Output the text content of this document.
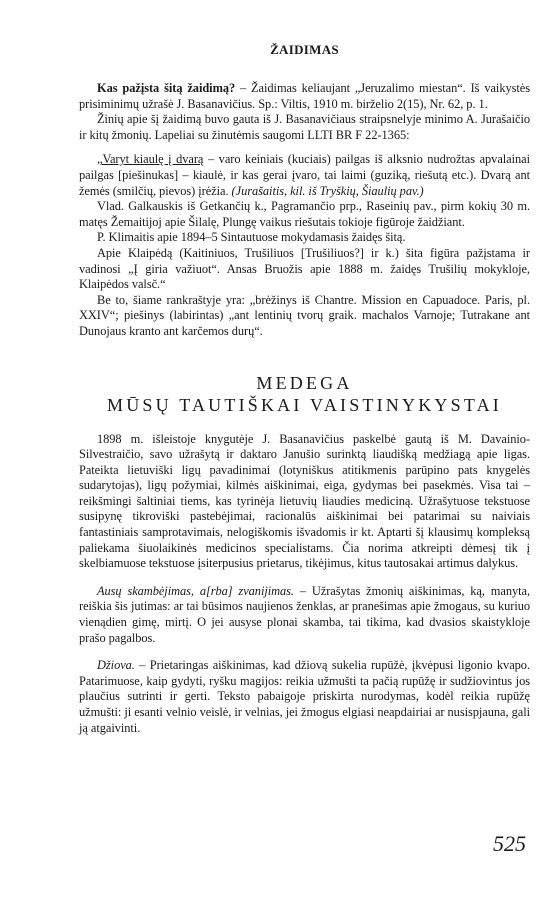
ŽAIDIMAS

Kas pažįsta šitą žaidimą? – Žaidimas keliaujant „Jeruzalimo miestan“. Iš vaikystės prisiminimų užrašė J. Basanavičius. Sp.: Viltis, 1910 m. birželio 2(15), Nr. 62, p. 1.

Žinių apie šį žaidimą buvo gauta iš J. Basanavičiaus straipsnelyje minimo A. Jurašaičio ir kitų žmonių. Lapeliai su žinutėmis saugomi LLTI BR F 22-1365:

„Varyt kiaulę į dvarą – varo keiniais (kuciais) pailgas iš alksnio nudrožtas apvalainai pailgas [piešinukas] – kiaulė, ir kas gerai įvaro, tai laimi (guziką, riešutą etc.). Dvarą ant žemės (smilčių, pievos) įrėžia. (Jurašaitis, kil. iš Tryškių, Šiaulių pav.)

Vlad. Galkauskis iš Getkančių k., Pagramančio prp., Raseinių pav., pirm kokių 30 m. matęs Žemaitijoj apie Šilalę, Plungę vaikus riešutais tokioje figūroje žaidžiant.

P. Klimaitis apie 1894–5 Sintautuose mokydamasis žaidęs šitą.

Apie Klaipėdą (Kaitiniuos, Trušiliuos [Trušiliuos?] ir k.) šita figūra pažįstama ir vadinosi „Į giria važiuot“. Ansas Bruožis apie 1888 m. žaidęs Trušilių mokykloje, Klaipėdos valsč.“

Be to, šiame rankraštyje yra: „brėžinys iš Chantre. Mission en Capuadoce. Paris, pl. XXIV“; piešinys (labirintas) „ant lentinių tvorų graik. machalos Varnoje; Tutrakane ant Dunojaus kranto ant karčemos durų“.

MEDEGA

MŪSŲ TAUTIŠKAI VAISTINYKYSTAI

1898 m. išleistoje knygutėje J. Basanavičius paskelbė gautą iš M. Davainio-Silvestraičio, savo užrašytą ir daktaro Janušio surinktą liaudišką medžiagą apie ligas. Pateikta lietuviški ligų pavadinimai (lotyniškus atitikmenis parūpino pats knygelės sudarytojas), ligų požymiai, kilmės aiškinimai, eiga, gydymas bei pasekmės. Visa tai – reikšmingi šaltiniai tiems, kas tyrinėja lietuvių liaudies mediciną. Užrašytuose tekstuose susipynę tikroviški pastebėjimai, racionalūs aiškinimai bei patarimai su naiviais fantastiniais samprotavimais, nelogiškomis išvadomis ir kt. Aptarti šį klausimų kompleksą paliekama šiuolaikinės medicinos specialistams. Čia norima atkreipti dėmesį tik į skelbiamuose tekstuose įsiterpusius prietarus, tikėjimus, kitus tautosakai artimus dalykus.

Ausų skambėjimas, a[rba] zvanijimas. – Užrašytas žmonių aiškinimas, ką, manyta, reiškia šis jutimas: ar tai būsimos naujienos ženklas, ar pranešimas apie žmogaus, su kuriuo vienądien gimę, mirtį. O jei ausyse plonai skamba, tai tikima, kad dvasios skaistykloje prašo pagalbos.

Džiova. – Prietaringas aiškinimas, kad džiovą sukelia rupūžė, įkvėpusi ligonio kvapo. Patarimuose, kaip gydyti, ryšku magijos: reikia užmušti ta pačią rupūžę ir sudžiovintus jos plaučius sutrinti ir gerti. Teksto pabaigoje priskirta nurodymas, kodėl reikia rupūžę užmušti: ji esanti velnio veislė, ir velnias, jei žmogus elgiasi neapdairiai ar nusispjauna, gali ją atgaivinti.

525
